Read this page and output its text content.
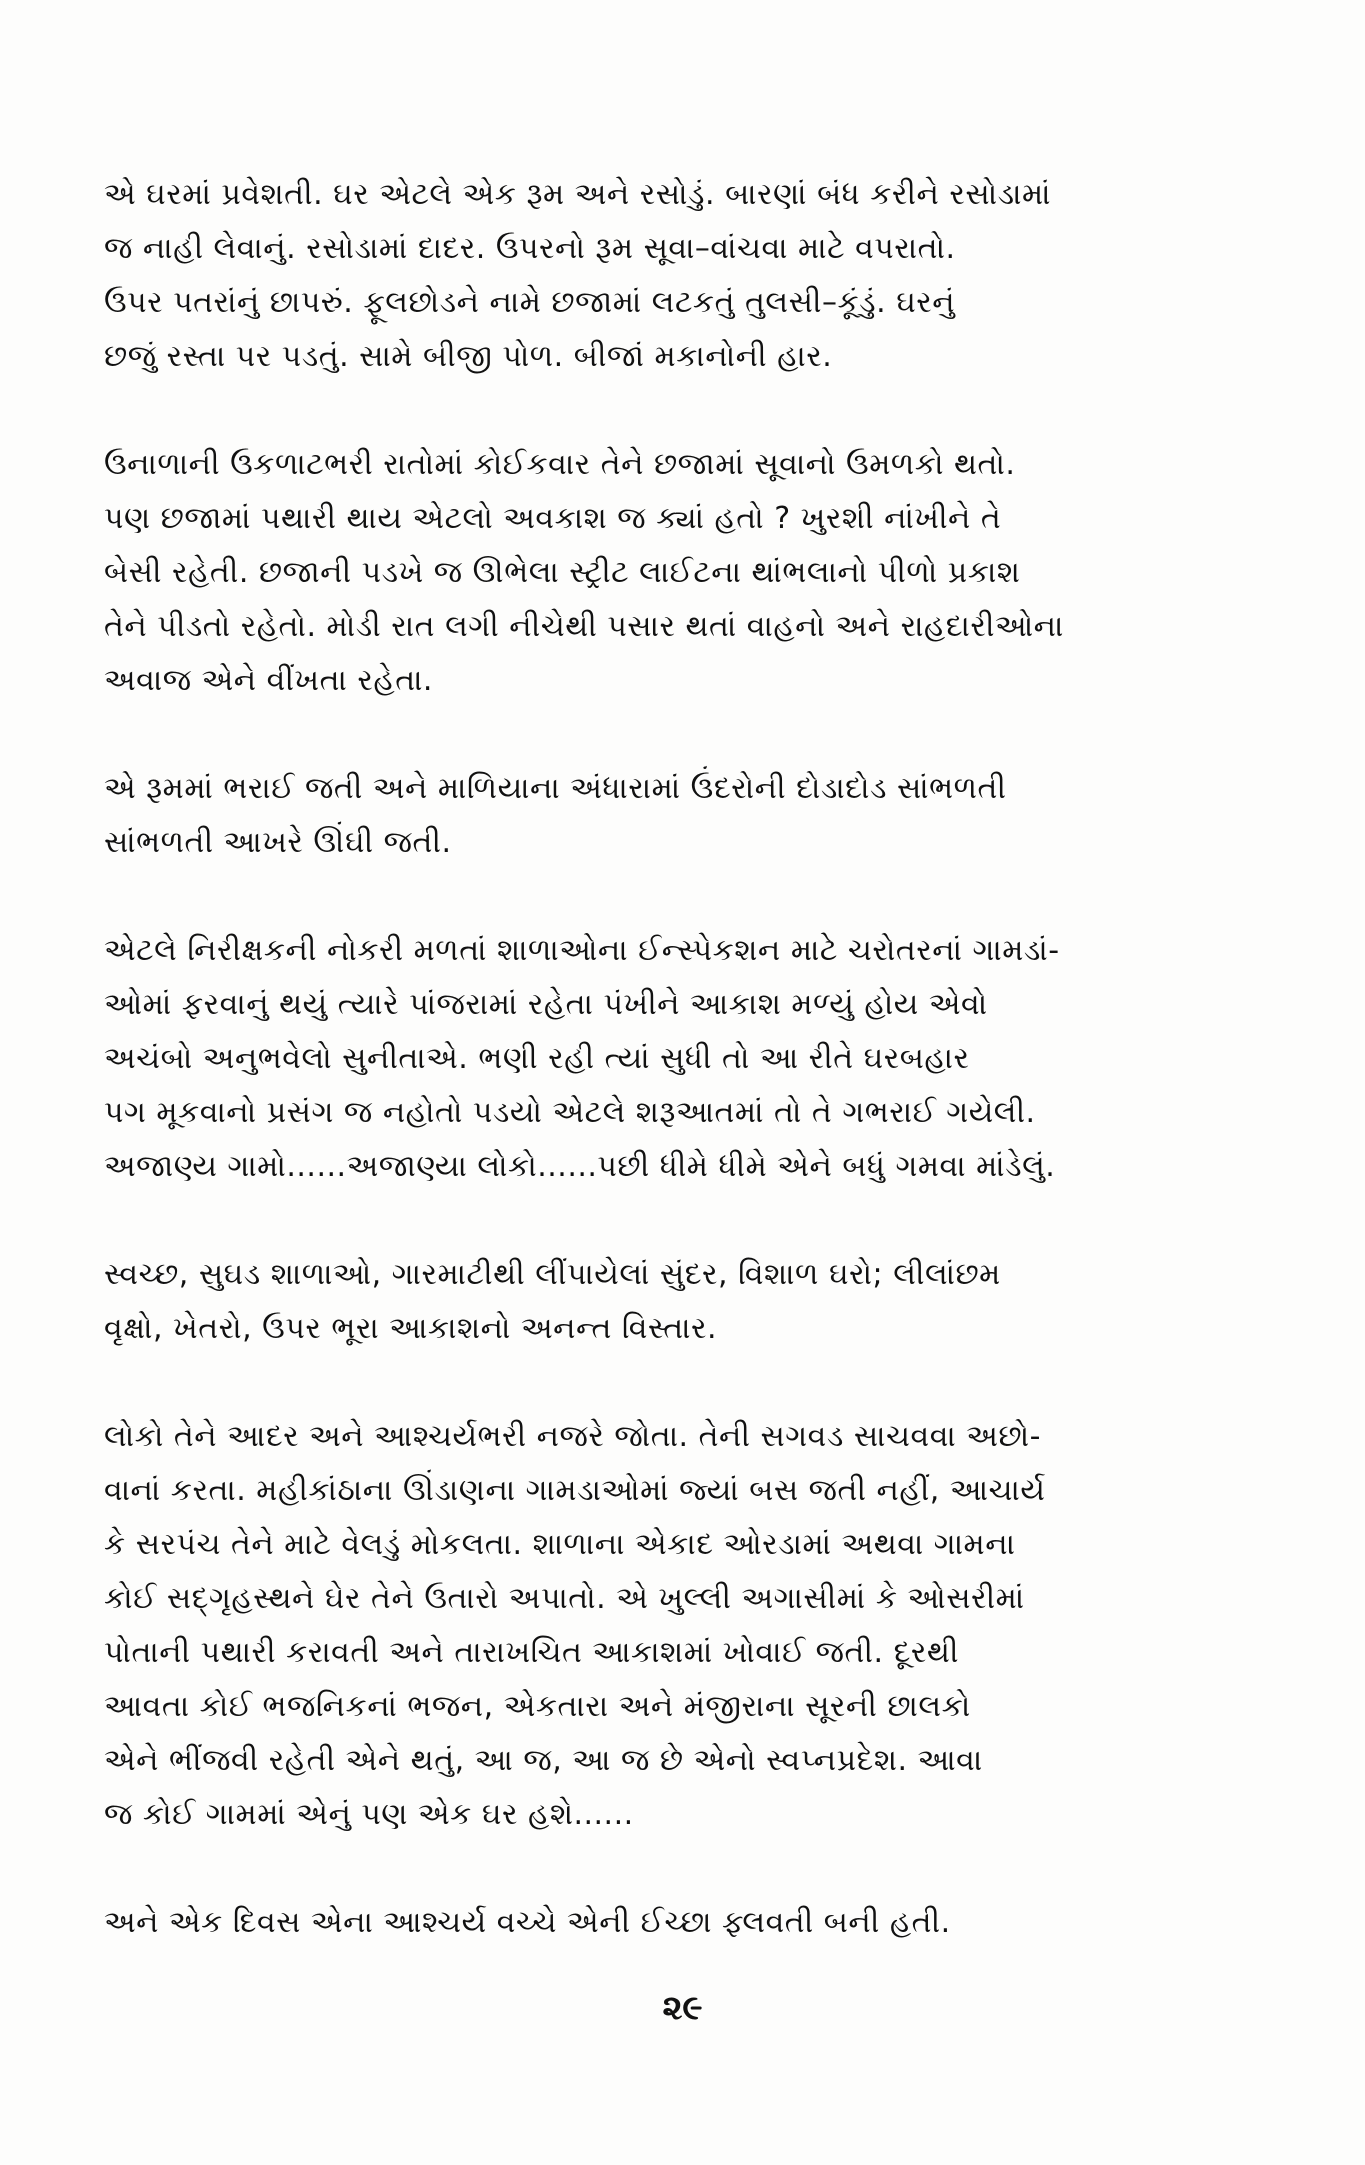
એ ઘરમાં પ્રવેશતી. ઘર એટલે એક રૂમ અને રસોડું. બારણાં બંધ કરીને રસોડામાં
જ નાહી લેવાનું. રસોડામાં દાદર. ઉપરનો રૂમ સૂવા–વાંચવા માટે વપરાતો.
ઉપર પતરાંનું છાપરું. ફૂલછોડને નામે છજામાં લટકતું તુલસી–કૂંડું. ઘરનું
છજું રસ્તા પર પડતું. સામે બીજી પોળ. બીજાં મકાનોની હાર.

ઉનાળાની ઉકળાટભરી રાતોમાં કોઈકવાર તેને છજામાં સૂવાનો ઉમળકો થતો.
પણ છજામાં પથારી થાય એટલો અવકાશ જ ક્યાં હતો ? ખુરશી નાંખીને તે
બેસી રહેતી. છજાની પડખે જ ઊભેલા સ્ટ્રીટ લાઈટના થાંભલાનો પીળો પ્રકાશ
તેને પીડતો રહેતો. મોડી રાત લગી નીચેથી પસાર થતાં વાહનો અને રાહદારીઓના
અવાજ એને વીંખતા રહેતા.

એ રૂમમાં ભરાઈ જતી અને માળિયાના અંધારામાં ઉંદરોની દોડાદોડ સાંભળતી
સાંભળતી આખરે ઊંઘી જતી.

એટલે નિરીક્ષકની નોકરી મળતાં શાળાઓના ઈન્સ્પેકશન માટે ચરોતરનાં ગામડાં-
ઓમાં ફરવાનું થયું ત્યારે પાંજરામાં રહેતા પંખીને આકાશ મળ્યું હોય એવો
અચંબો અનુભવેલો સુનીતાએ. ભણી રહી ત્યાં સુધી તો આ રીતે ઘરબહાર
પગ મૂકવાનો પ્રસંગ જ નહોતો પડયો એટલે શરૂઆતમાં તો તે ગભરાઈ ગયેલી.
અજાણ્ય ગામો......અજાણ્યા લોકો......પછી ધીમે ધીમે એને બધું ગમવા માંડેલું.

સ્વચ્છ, સુઘડ શાળાઓ, ગારમાટીથી લીંપાયેલાં સુંદર, વિશાળ ઘરો; લીલાંછમ
વૃક્ષો, ખેતરો, ઉપર ભૂરા આકાશનો અનન્ત વિસ્તાર.

લોકો તેને આદર અને આશ્ચર્યભરી નજરે જોતા. તેની સગવડ સાચવવા અછો-
વાનાં કરતા. મહીકાંઠાના ઊંડાણના ગામડાઓમાં જ્યાં બસ જતી નહીં, આચાર્ય
કે સરપંચ તેને માટે વેલડું મોકલતા. શાળાના એકાદ ઓરડામાં અથવા ગામના
કોઈ સદ્‌ગૃહસ્થને ઘેર તેને ઉતારો અપાતો. એ ખુલ્લી અગાસીમાં કે ઓસરીમાં
પોતાની પથારી કરાવતી અને તારાખચિત આકાશમાં ખોવાઈ જતી. દૂરથી
આવતા કોઈ ભજનિકનાં ભજન, એકતારા અને મંજીરાના સૂરની છાલકો
એને ભીંજવી રહેતી એને થતું, આ જ, આ જ છે એનો સ્વપ્નપ્રદેશ. આવા
જ કોઈ ગામમાં એનું પણ એક ઘર હશે......

અને એક દિવસ એના આશ્ચર્ય વચ્ચે એની ઈચ્છા ફ્લવતી બની હતી.

૨૯
